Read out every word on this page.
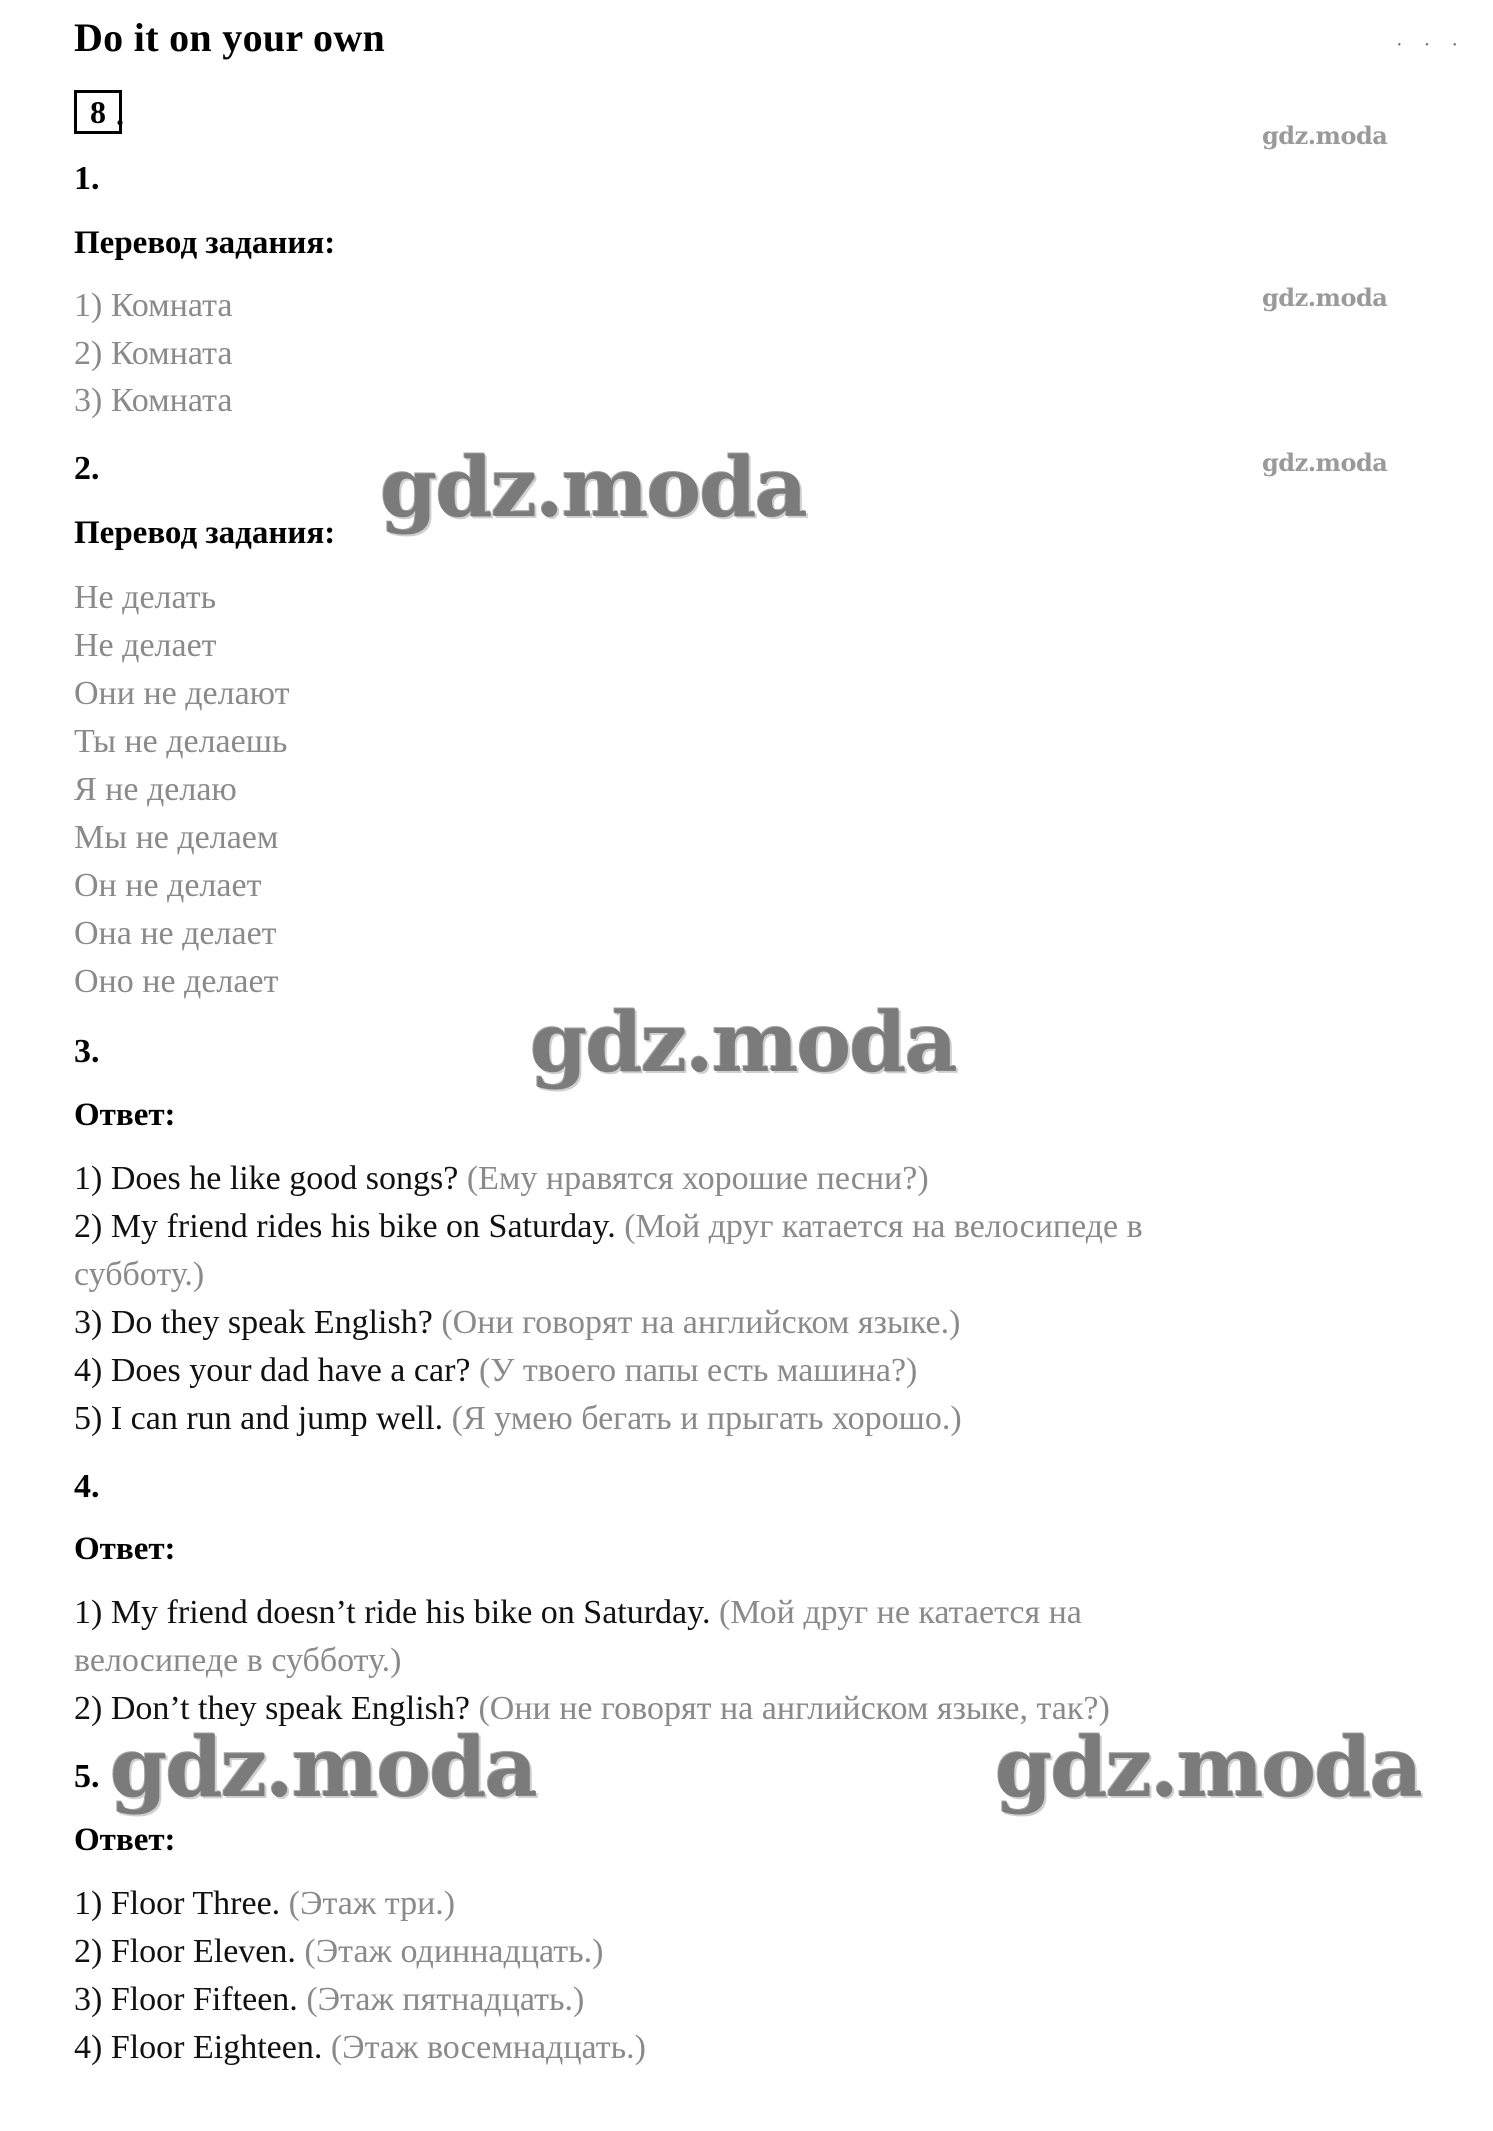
Do it on your own	· · ·
8 .
gdz.moda
gdz.moda
gdz.moda
1.
Перевод задания:
1) Комната
2) Комната
3) Комната
2.
Перевод задания:
Не делать
Не делает
Они не делают
Ты не делаешь
Я не делаю
Мы не делаем
Он не делает
Она не делает
Оно не делает
3.
Ответ:
1) Does he like good songs? (Ему нравятся хорошие песни?)
2) My friend rides his bike on Saturday. (Мой друг катается на велосипеде в
субботу.)
3) Do they speak English? (Они говорят на английском языке.)
4) Does your dad have a car? (У твоего папы есть машина?)
5) I can run and jump well. (Я умею бегать и прыгать хорошо.)
4.
Ответ:
1) My friend doesn’t ride his bike on Saturday. (Мой друг не катается на
велосипеде в субботу.)
2) Don’t they speak English? (Они не говорят на английском языке, так?)
5.
Ответ:
1) Floor Three. (Этаж три.)
2) Floor Eleven. (Этаж одиннадцать.)
3) Floor Fifteen. (Этаж пятнадцать.)
4) Floor Eighteen. (Этаж восемнадцать.)
gdz.moda
gdz.moda
gdz.moda	gdz.moda
